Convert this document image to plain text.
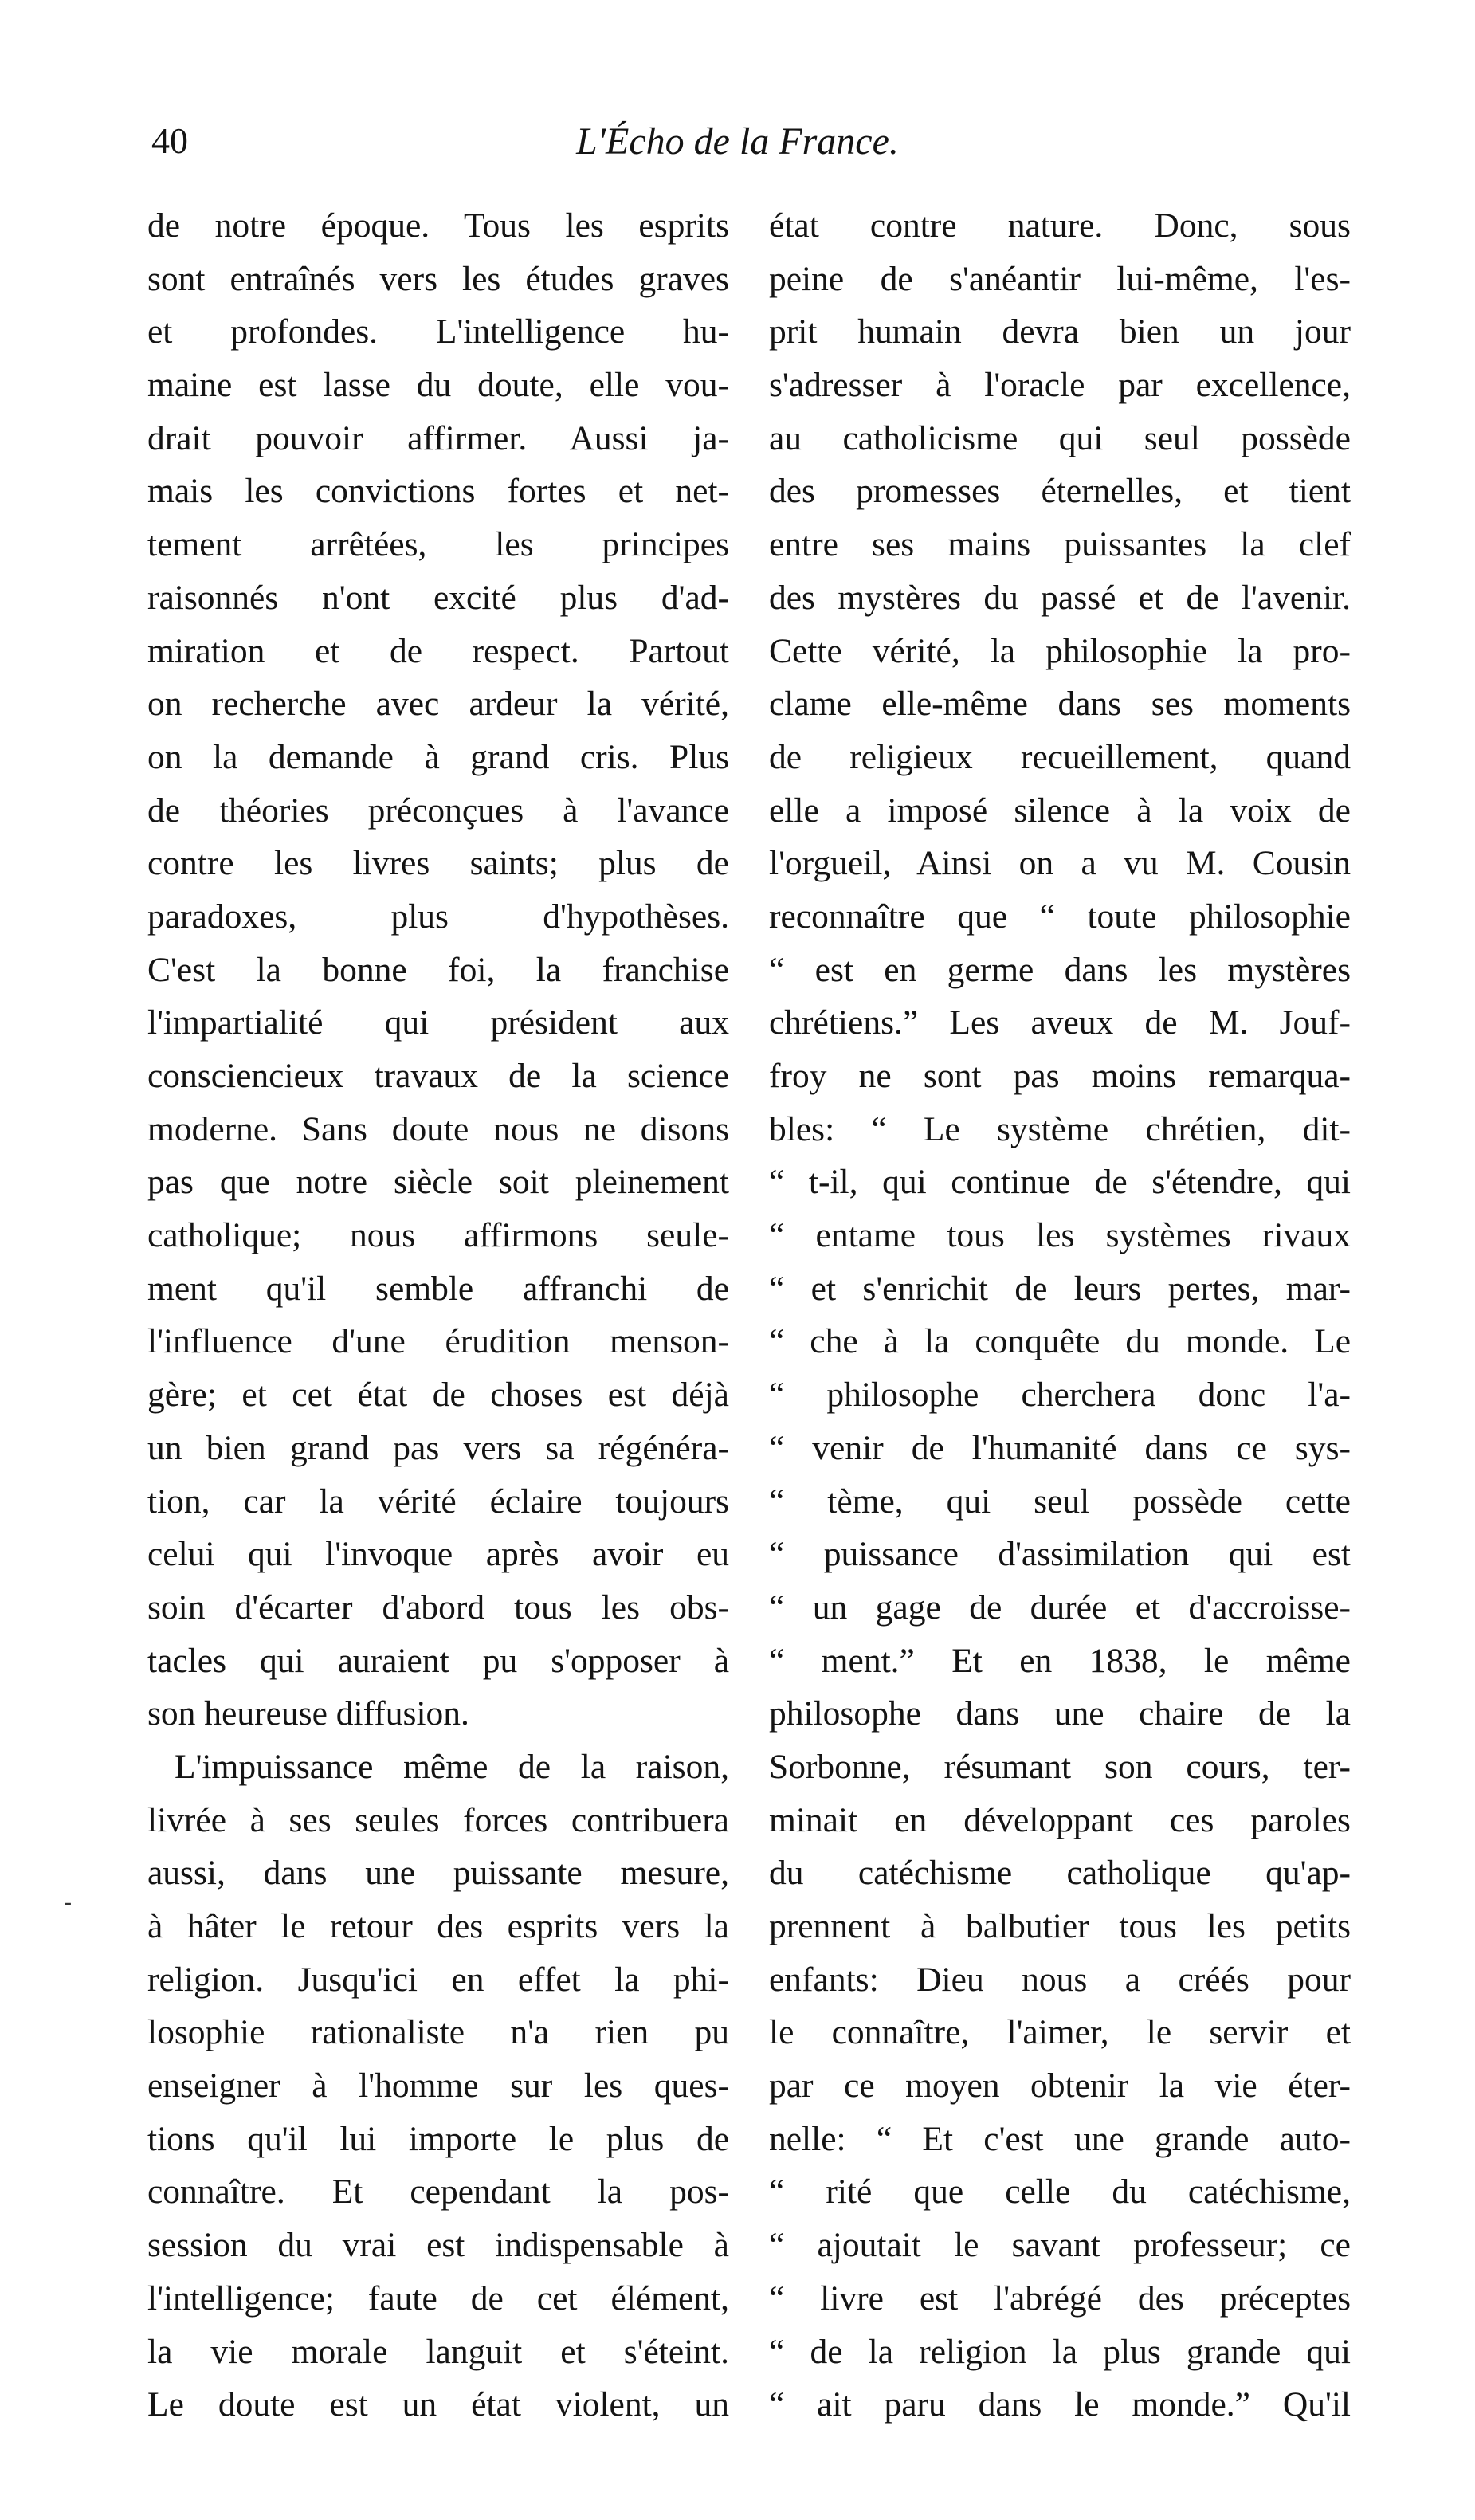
40	L'Écho de la France.
de notre époque. Tous les esprits
sont entraînés vers les études graves
et profondes. L'intelligence hu-
maine est lasse du doute, elle vou-
drait pouvoir affirmer. Aussi ja-
mais les convictions fortes et net-
tement arrêtées, les principes
raisonnés n'ont excité plus d'ad-
miration et de respect. Partout
on recherche avec ardeur la vérité,
on la demande à grand cris. Plus
de théories préconçues à l'avance
contre les livres saints; plus de
paradoxes, plus d'hypothèses.
C'est la bonne foi, la franchise
l'impartialité qui président aux
consciencieux travaux de la science
moderne. Sans doute nous ne disons
pas que notre siècle soit pleinement
catholique; nous affirmons seule-
ment qu'il semble affranchi de
l'influence d'une érudition menson-
gère; et cet état de choses est déjà
un bien grand pas vers sa régénéra-
tion, car la vérité éclaire toujours
celui qui l'invoque après avoir eu
soin d'écarter d'abord tous les obs-
tacles qui auraient pu s'opposer à
son heureuse diffusion.
L'impuissance même de la raison,
livrée à ses seules forces contribuera
aussi, dans une puissante mesure,
à hâter le retour des esprits vers la
religion. Jusqu'ici en effet la phi-
losophie rationaliste n'a rien pu
enseigner à l'homme sur les ques-
tions qu'il lui importe le plus de
connaître. Et cependant la pos-
session du vrai est indispensable à
l'intelligence; faute de cet élément,
la vie morale languit et s'éteint.
Le doute est un état violent, un
état contre nature. Donc, sous
peine de s'anéantir lui-même, l'es-
prit humain devra bien un jour
s'adresser à l'oracle par excellence,
au catholicisme qui seul possède
des promesses éternelles, et tient
entre ses mains puissantes la clef
des mystères du passé et de l'avenir.
Cette vérité, la philosophie la pro-
clame elle-même dans ses moments
de religieux recueillement, quand
elle a imposé silence à la voix de
l'orgueil, Ainsi on a vu M. Cousin
reconnaître que “ toute philosophie
“ est en germe dans les mystères
chrétiens.” Les aveux de M. Jouf-
froy ne sont pas moins remarqua-
bles: “ Le système chrétien, dit-
“ t-il, qui continue de s'étendre, qui
“ entame tous les systèmes rivaux
“ et s'enrichit de leurs pertes, mar-
“ che à la conquête du monde. Le
“ philosophe cherchera donc l'a-
“ venir de l'humanité dans ce sys-
“ tème, qui seul possède cette
“ puissance d'assimilation qui est
“ un gage de durée et d'accroisse-
“ ment.” Et en 1838, le même
philosophe dans une chaire de la
Sorbonne, résumant son cours, ter-
minait en développant ces paroles
du catéchisme catholique qu'ap-
prennent à balbutier tous les petits
enfants: Dieu nous a créés pour
le connaître, l'aimer, le servir et
par ce moyen obtenir la vie éter-
nelle: “ Et c'est une grande auto-
“ rité que celle du catéchisme,
“ ajoutait le savant professeur; ce
“ livre est l'abrégé des préceptes
“ de la religion la plus grande qui
“ ait paru dans le monde.” Qu'il
-
